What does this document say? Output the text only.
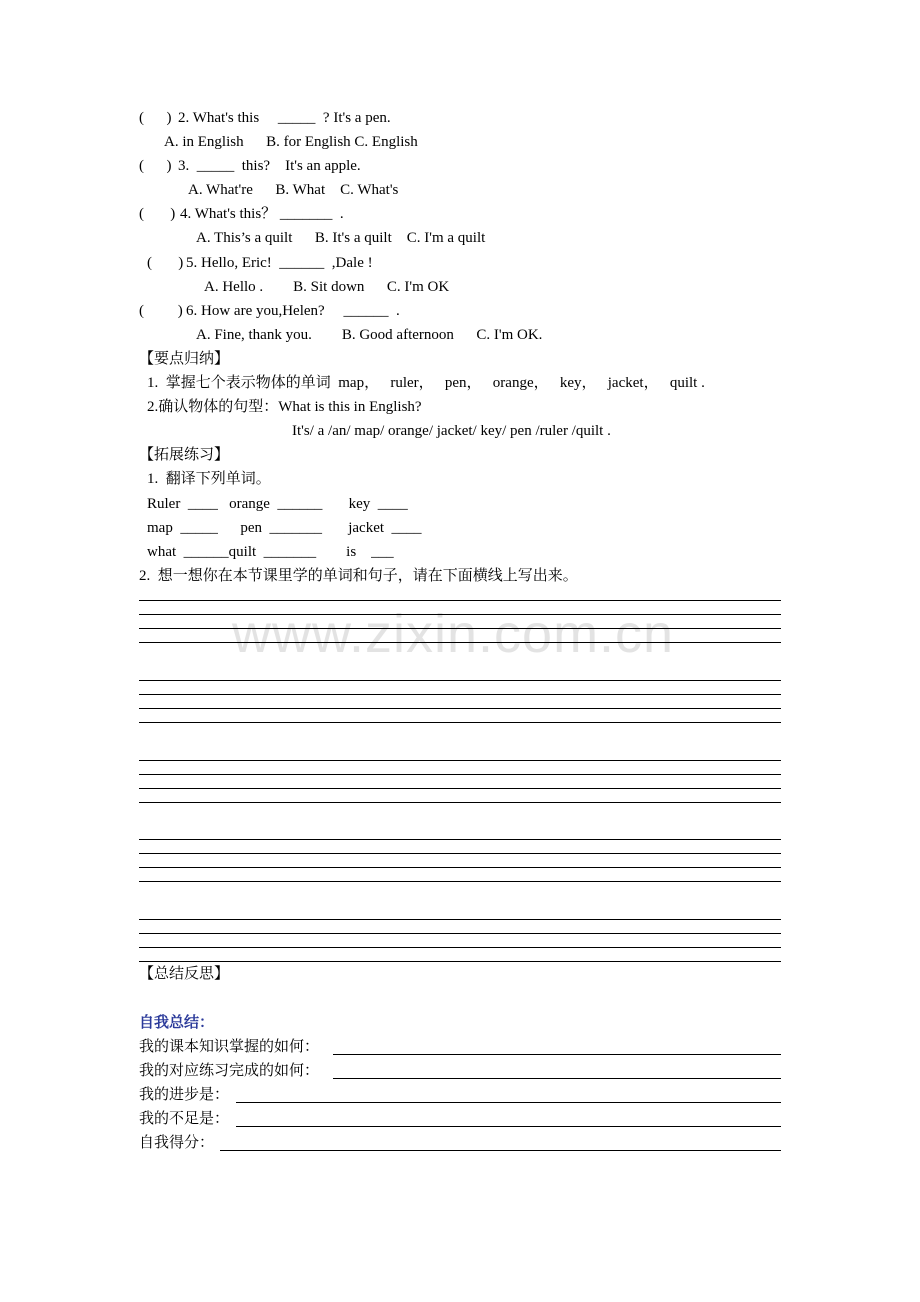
www.zixin.com.cn
(      ) 2. What's this     _____  ? It's a pen.
A. in English      B. for English C. English
(      ) 3.  _____  this?    It's an apple.
A. What're      B. What    C. What's
(       ) 4. What's this？ _______  .
A. This’s a quilt      B. It's a quilt    C. I'm a quilt
(       ) 5. Hello, Eric!  ______  ,Dale !
A. Hello .        B. Sit down      C. I'm OK
(         ) 6. How are you,Helen?     ______  .
A. Fine, thank you.        B. Good afternoon      C. I'm OK.
【要点归纳】
1.  掌握七个表示物体的单词  map，   ruler，   pen，   orange，   key，   jacket，   quilt .
2.确认物体的句型：What is this in English?
It's/ a /an/ map/ orange/ jacket/ key/ pen /ruler /quilt .
【拓展练习】
1.  翻译下列单词。
Ruler  ____   orange  ______       key  ____
map  _____      pen  _______       jacket  ____
what  ______quilt  _______        is    ___
2.  想一想你在本节课里学的单词和句子，请在下面横线上写出来。
【总结反思】
自我总结：
我的课本知识掌握的如何：
我的对应练习完成的如何：
我的进步是：
我的不足是：
自我得分：
